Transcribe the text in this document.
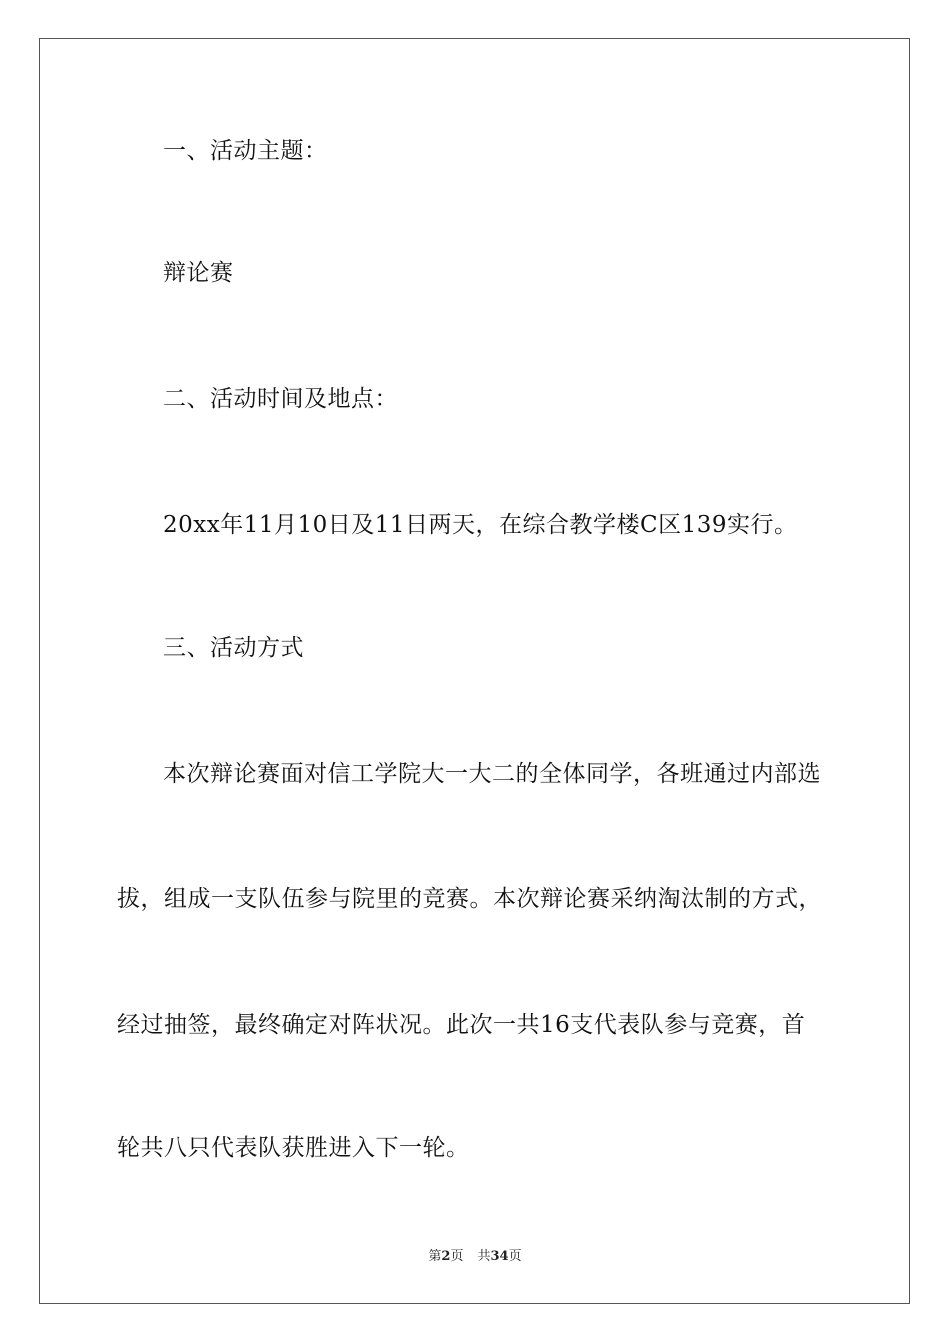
一、活动主题：
辩论赛
二、活动时间及地点：
20xx年11月10日及11日两天，在综合教学楼C区139实行。
三、活动方式
本次辩论赛面对信工学院大一大二的全体同学，各班通过内部选
拔，组成一支队伍参与院里的竞赛。本次辩论赛采纳淘汰制的方式，
经过抽签，最终确定对阵状况。此次一共16支代表队参与竞赛，首
轮共八只代表队获胜进入下一轮。
第2页 共34页
